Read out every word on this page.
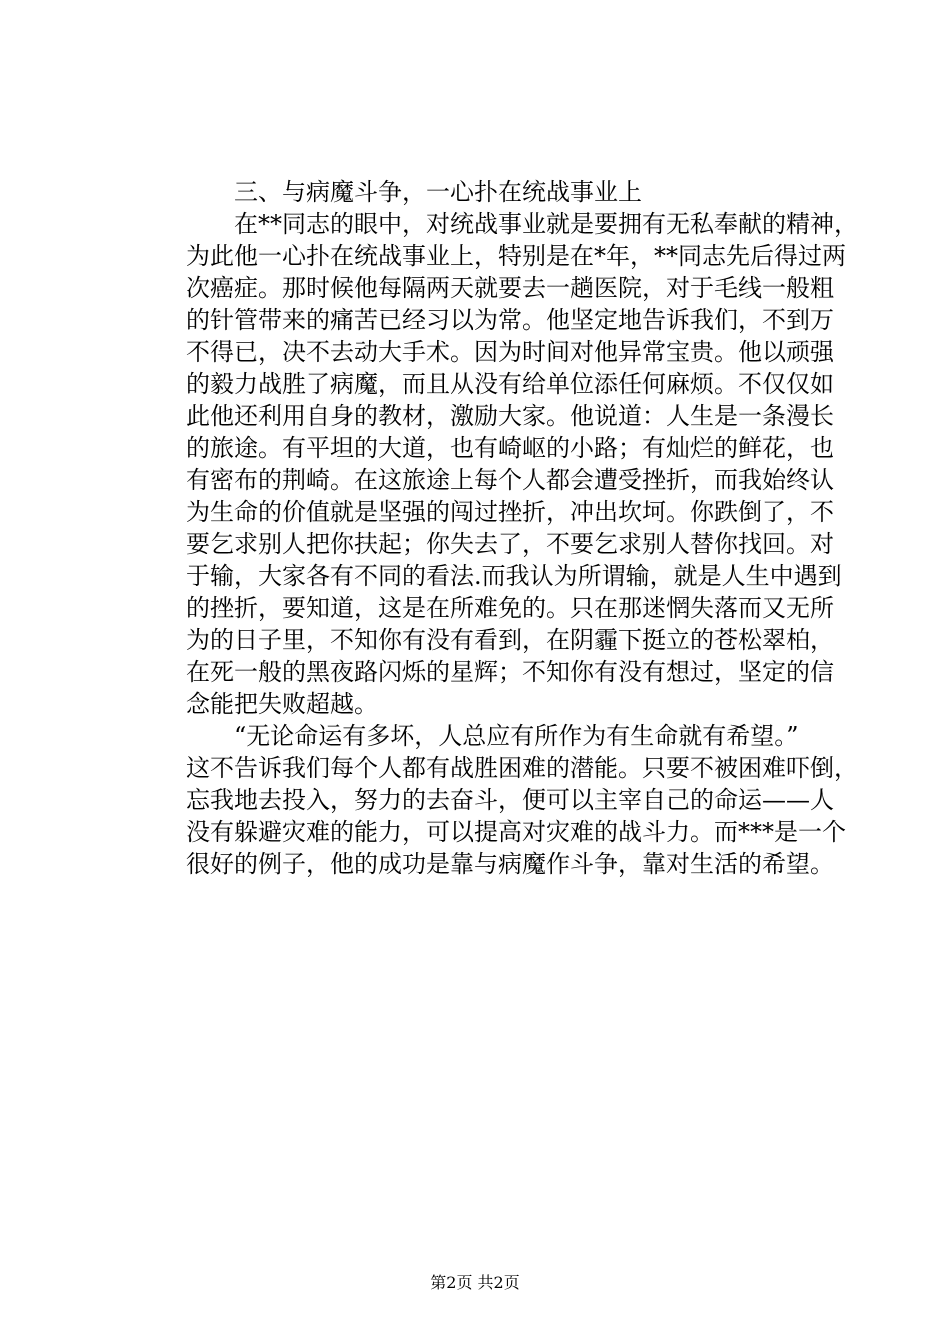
三、与病魔斗争，一心扑在统战事业上
在**同志的眼中，对统战事业就是要拥有无私奉献的精神，
为此他一心扑在统战事业上，特别是在*年，**同志先后得过两
次癌症。那时候他每隔两天就要去一趟医院，对于毛线一般粗
的针管带来的痛苦已经习以为常。他坚定地告诉我们，不到万
不得已，决不去动大手术。因为时间对他异常宝贵。他以顽强
的毅力战胜了病魔，而且从没有给单位添任何麻烦。不仅仅如
此他还利用自身的教材，激励大家。他说道：人生是一条漫长
的旅途。有平坦的大道，也有崎岖的小路；有灿烂的鲜花，也
有密布的荆崎。在这旅途上每个人都会遭受挫折，而我始终认
为生命的价值就是坚强的闯过挫折，冲出坎坷。你跌倒了，不
要乞求别人把你扶起；你失去了，不要乞求别人替你找回。对
于输，大家各有不同的看法.而我认为所谓输，就是人生中遇到
的挫折，要知道，这是在所难免的。只在那迷惘失落而又无所
为的日子里，不知你有没有看到，在阴霾下挺立的苍松翠柏，
在死一般的黑夜路闪烁的星辉；不知你有没有想过，坚定的信
念能把失败超越。
“无论命运有多坏，人总应有所作为有生命就有希望。”
这不告诉我们每个人都有战胜困难的潜能。只要不被困难吓倒，
忘我地去投入，努力的去奋斗，便可以主宰自己的命运——人
没有躲避灾难的能力，可以提高对灾难的战斗力。而***是一个
很好的例子，他的成功是靠与病魔作斗争，靠对生活的希望。
第2页 共2页
